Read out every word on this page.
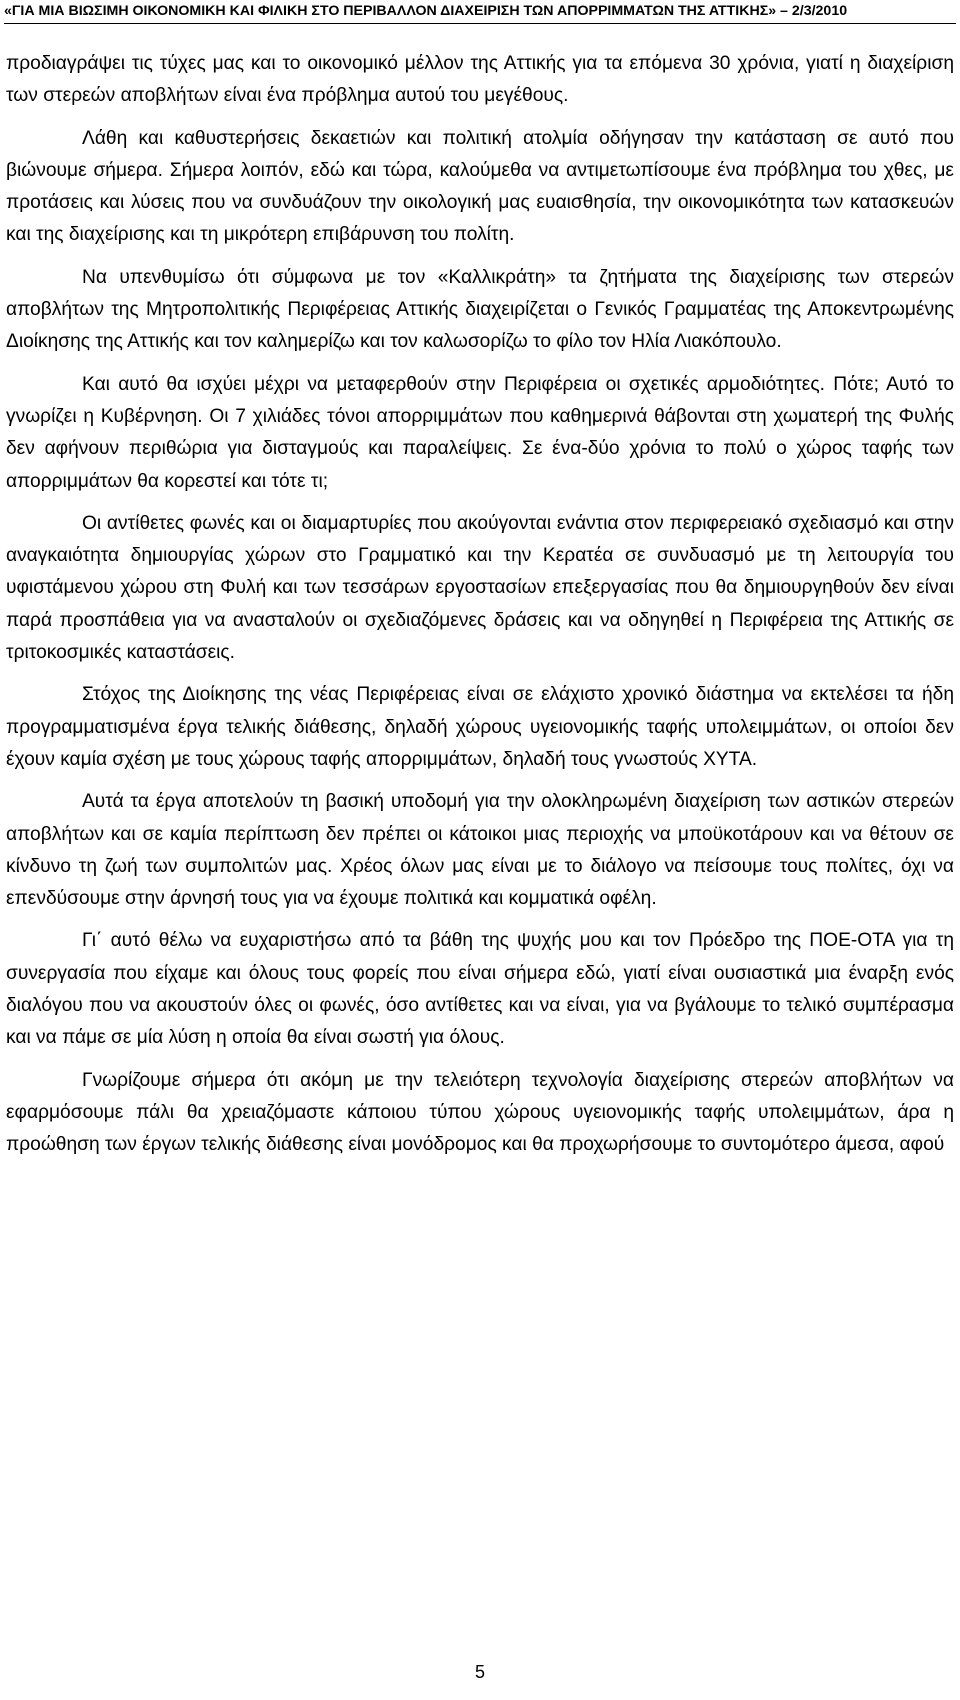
«ΓΙΑ ΜΙΑ ΒΙΩΣΙΜΗ ΟΙΚΟΝΟΜΙΚΗ ΚΑΙ ΦΙΛΙΚΗ ΣΤΟ ΠΕΡΙΒΑΛΛΟΝ ΔΙΑΧΕΙΡΙΣΗ ΤΩΝ ΑΠΟΡΡΙΜΜΑΤΩΝ ΤΗΣ ΑΤΤΙΚΗΣ» – 2/3/2010

προδιαγράψει τις τύχες μας και το οικονομικό μέλλον της Αττικής για τα επόμενα 30 χρόνια, γιατί η διαχείριση των στερεών αποβλήτων είναι ένα πρόβλημα αυτού του μεγέθους.

Λάθη και καθυστερήσεις δεκαετιών και πολιτική ατολμία οδήγησαν την κατάσταση σε αυτό που βιώνουμε σήμερα. Σήμερα λοιπόν, εδώ και τώρα, καλούμεθα να αντιμετωπίσουμε ένα πρόβλημα του χθες, με προτάσεις και λύσεις που να συνδυάζουν την οικολογική μας ευαισθησία, την οικονομικότητα των κατασκευών και της διαχείρισης και τη μικρότερη επιβάρυνση του πολίτη.

Να υπενθυμίσω ότι σύμφωνα με τον «Καλλικράτη» τα ζητήματα της διαχείρισης των στερεών αποβλήτων της Μητροπολιτικής Περιφέρειας Αττικής διαχειρίζεται ο Γενικός Γραμματέας της Αποκεντρωμένης Διοίκησης της Αττικής και τον καλημερίζω και τον καλωσορίζω το φίλο τον Ηλία Λιακόπουλο.

Και αυτό θα ισχύει μέχρι να μεταφερθούν στην Περιφέρεια οι σχετικές αρμοδιότητες. Πότε; Αυτό το γνωρίζει η Κυβέρνηση. Οι 7 χιλιάδες τόνοι απορριμμάτων που καθημερινά θάβονται στη χωματερή της Φυλής δεν αφήνουν περιθώρια για δισταγμούς και παραλείψεις. Σε ένα-δύο χρόνια το πολύ ο χώρος ταφής των απορριμμάτων θα κορεστεί και τότε τι;

Οι αντίθετες φωνές και οι διαμαρτυρίες που ακούγονται ενάντια στον περιφερειακό σχεδιασμό και στην αναγκαιότητα δημιουργίας χώρων στο Γραμματικό και την Κερατέα σε συνδυασμό με τη λειτουργία του υφιστάμενου χώρου στη Φυλή και των τεσσάρων εργοστασίων επεξεργασίας που θα δημιουργηθούν δεν είναι παρά προσπάθεια για να ανασταλούν οι σχεδιαζόμενες δράσεις και να οδηγηθεί η Περιφέρεια της Αττικής σε τριτοκοσμικές καταστάσεις.

Στόχος της Διοίκησης της νέας Περιφέρειας είναι σε ελάχιστο χρονικό διάστημα να εκτελέσει τα ήδη προγραμματισμένα έργα τελικής διάθεσης, δηλαδή χώρους υγειονομικής ταφής υπολειμμάτων, οι οποίοι δεν έχουν καμία σχέση με τους χώρους ταφής απορριμμάτων, δηλαδή τους γνωστούς ΧΥΤΑ.

Αυτά τα έργα αποτελούν τη βασική υποδομή για την ολοκληρωμένη διαχείριση των αστικών στερεών αποβλήτων και σε καμία περίπτωση δεν πρέπει οι κάτοικοι μιας περιοχής να μποϋκοτάρουν και να θέτουν σε κίνδυνο τη ζωή των συμπολιτών μας. Χρέος όλων μας είναι με το διάλογο να πείσουμε τους πολίτες, όχι να επενδύσουμε στην άρνησή τους για να έχουμε πολιτικά και κομματικά οφέλη.

Γι΄ αυτό θέλω να ευχαριστήσω από τα βάθη της ψυχής μου και τον Πρόεδρο της ΠΟΕ-ΟΤΑ για τη συνεργασία που είχαμε και όλους τους φορείς που είναι σήμερα εδώ, γιατί είναι ουσιαστικά μια έναρξη ενός διαλόγου που να ακουστούν όλες οι φωνές, όσο αντίθετες και να είναι, για να βγάλουμε το τελικό συμπέρασμα και να πάμε σε μία λύση η οποία θα είναι σωστή για όλους.

Γνωρίζουμε σήμερα ότι ακόμη με την τελειότερη τεχνολογία διαχείρισης στερεών αποβλήτων να εφαρμόσουμε πάλι θα χρειαζόμαστε κάποιου τύπου χώρους υγειονομικής ταφής υπολειμμάτων, άρα η προώθηση των έργων τελικής διάθεσης είναι μονόδρομος και θα προχωρήσουμε το συντομότερο άμεσα, αφού

5
